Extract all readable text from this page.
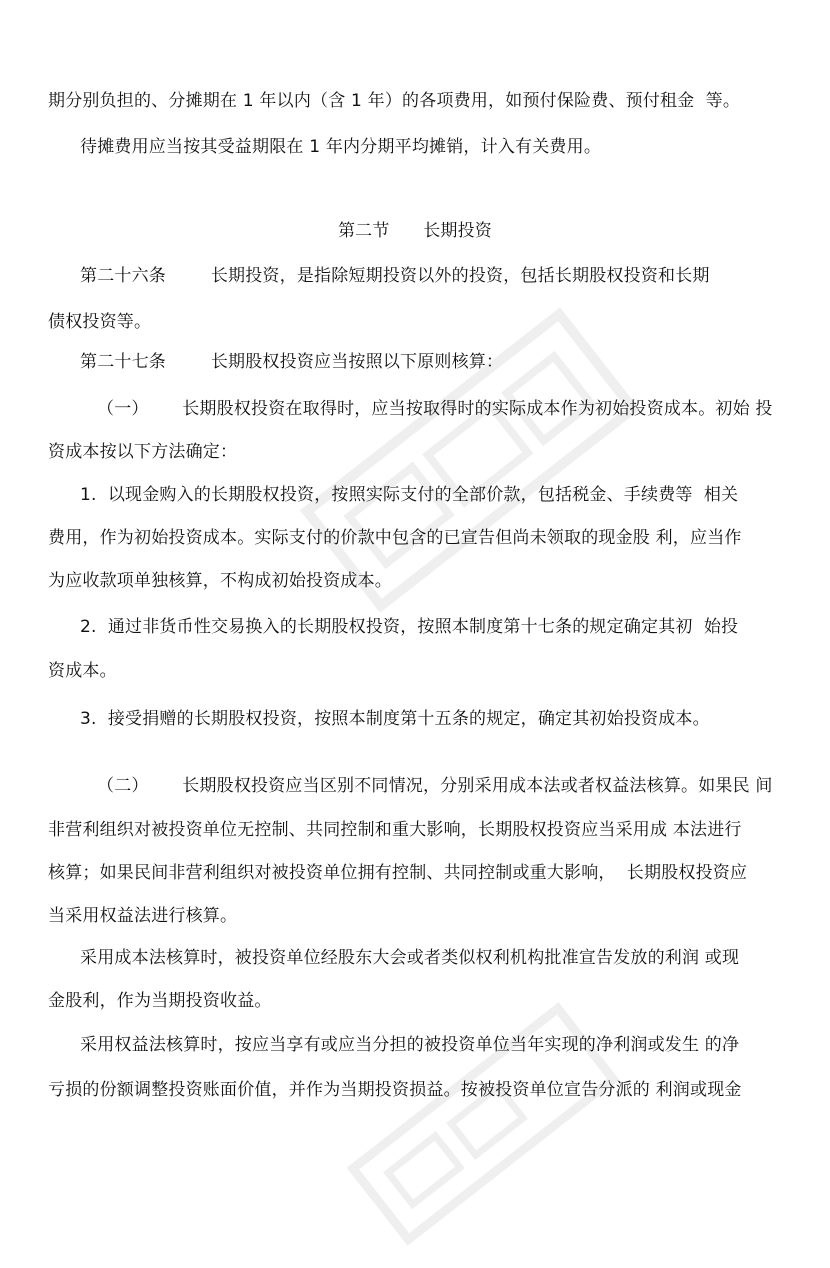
期分别负担的、分摊期在 1 年以内（含 1 年）的各项费用，如预付保险费、预付租金  等。
待摊费用应当按其受益期限在 1 年内分期平均摊销，计入有关费用。
第二节      长期投资
第二十六条        长期投资，是指除短期投资以外的投资，包括长期股权投资和长期
债权投资等。
第二十七条        长期股权投资应当按照以下原则核算：
（一）      长期股权投资在取得时，应当按取得时的实际成本作为初始投资成本。初始 投
资成本按以下方法确定：
1.  以现金购入的长期股权投资，按照实际支付的全部价款，包括税金、手续费等  相关
费用，作为初始投资成本。实际支付的价款中包含的已宣告但尚未领取的现金股 利，应当作
为应收款项单独核算，不构成初始投资成本。
2.  通过非货币性交易换入的长期股权投资，按照本制度第十七条的规定确定其初  始投
资成本。
3.  接受捐赠的长期股权投资，按照本制度第十五条的规定，确定其初始投资成本。
（二）      长期股权投资应当区别不同情况，分别采用成本法或者权益法核算。如果民 间
非营利组织对被投资单位无控制、共同控制和重大影响，长期股权投资应当采用成 本法进行
核算；如果民间非营利组织对被投资单位拥有控制、共同控制或重大影响，  长期股权投资应
当采用权益法进行核算。
采用成本法核算时，被投资单位经股东大会或者类似权利机构批准宣告发放的利润 或现
金股利，作为当期投资收益。
采用权益法核算时，按应当享有或应当分担的被投资单位当年实现的净利润或发生 的净
亏损的份额调整投资账面价值，并作为当期投资损益。按被投资单位宣告分派的 利润或现金
